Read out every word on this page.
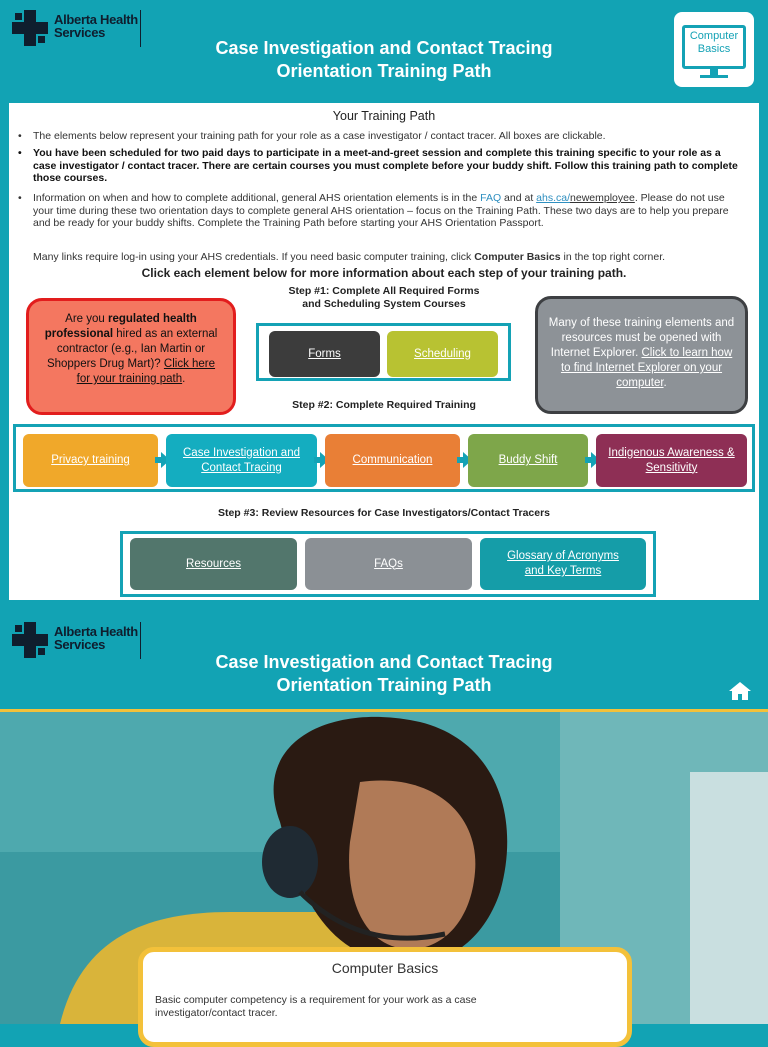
Alberta Health
Services
Case Investigation and Contact Tracing
Orientation Training Path
Computer
Basics
Your Training Path
• The elements below represent your training path for your role as a case investigator / contact tracer. All boxes are clickable.
• You have been scheduled for two paid days to participate in a meet-and-greet session and complete this training specific to your role as a case investigator / contact tracer. There are certain courses you must complete before your buddy shift. Follow this training path to complete those courses.
• Information on when and how to complete additional, general AHS orientation elements is in the FAQ and at ahs.ca/newemployee. Please do not use your time during these two orientation days to complete general AHS orientation – focus on the Training Path. These two days are to help you prepare and be ready for your buddy shifts. Complete the Training Path before starting your AHS Orientation Passport.
• Many links require log-in using your AHS credentials. If you need basic computer training, click Computer Basics in the top right corner.
Click each element below for more information about each step of your training path.
Step #1: Complete All Required Forms
and Scheduling System Courses
Forms	Scheduling
Are you regulated health professional hired as an external contractor (e.g., Ian Martin or Shoppers Drug Mart)? Click here for your training path.
Many of these training elements and resources must be opened with Internet Explorer. Click to learn how to find Internet Explorer on your computer.
Step #2: Complete Required Training
Privacy training
Case Investigation and Contact Tracing
Communication	Buddy Shift
Indigenous Awareness & Sensitivity
Step #3: Review Resources for Case Investigators/Contact Tracers
Resources	FAQs
Glossary of Acronyms and Key Terms
Alberta Health
Services
Case Investigation and Contact Tracing
Orientation Training Path
Computer Basics

Basic computer competency is a requirement for your work as a case investigator/contact tracer.
